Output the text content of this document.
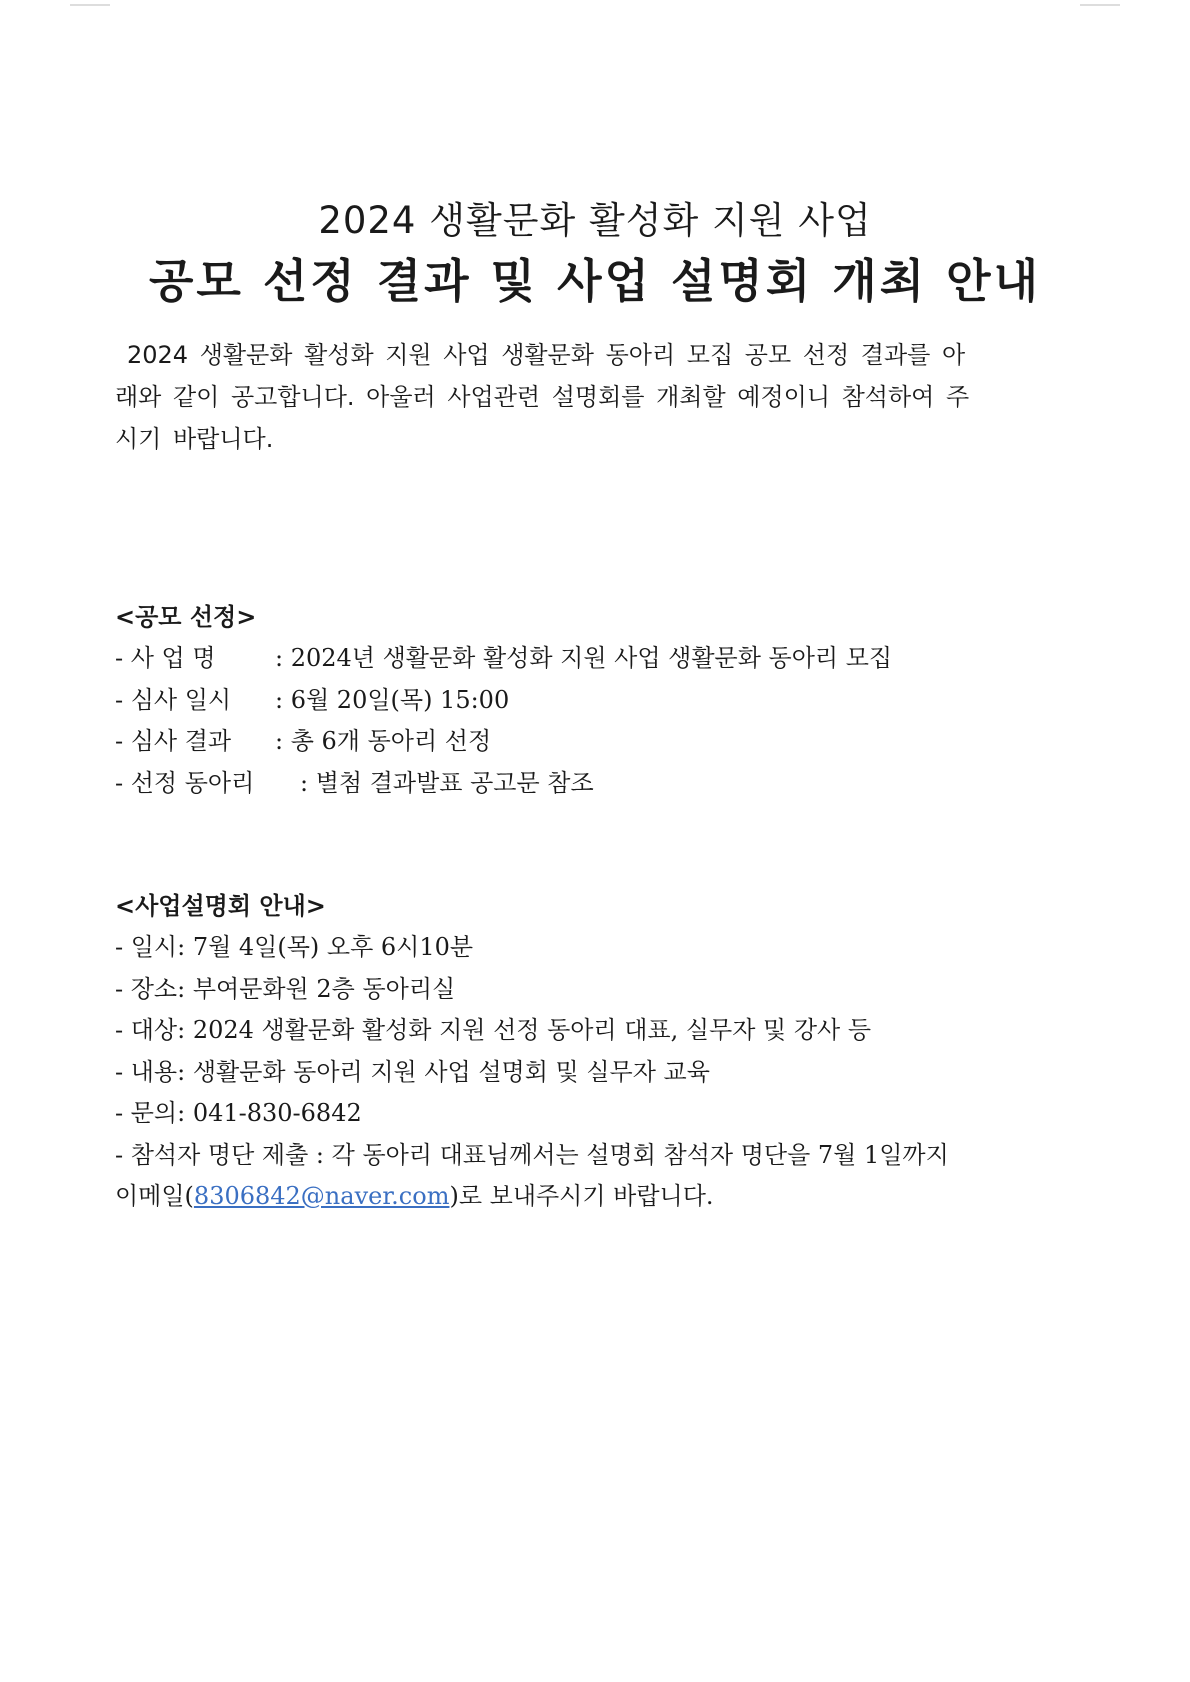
2024 생활문화 활성화 지원 사업
공모 선정 결과 및 사업 설명회 개최 안내
2024 생활문화 활성화 지원 사업 생활문화 동아리 모집 공모 선정 결과를 아
래와 같이 공고합니다. 아울러 사업관련 설명회를 개최할 예정이니 참석하여 주
시기 바랍니다.
<공모 선정>
- 사 업 명: 2024년 생활문화 활성화 지원 사업 생활문화 동아리 모집
- 심사 일시: 6월 20일(목) 15:00
- 심사 결과: 총 6개 동아리 선정
- 선정 동아리: 별첨 결과발표 공고문 참조
<사업설명회 안내>
- 일시: 7월 4일(목) 오후 6시10분
- 장소: 부여문화원 2층 동아리실
- 대상: 2024 생활문화 활성화 지원 선정 동아리 대표, 실무자 및 강사 등
- 내용: 생활문화 동아리 지원 사업 설명회 및 실무자 교육
- 문의: 041-830-6842
- 참석자 명단 제출 : 각 동아리 대표님께서는 설명회 참석자 명단을 7월 1일까지
이메일(8306842@naver.com)로 보내주시기 바랍니다.
